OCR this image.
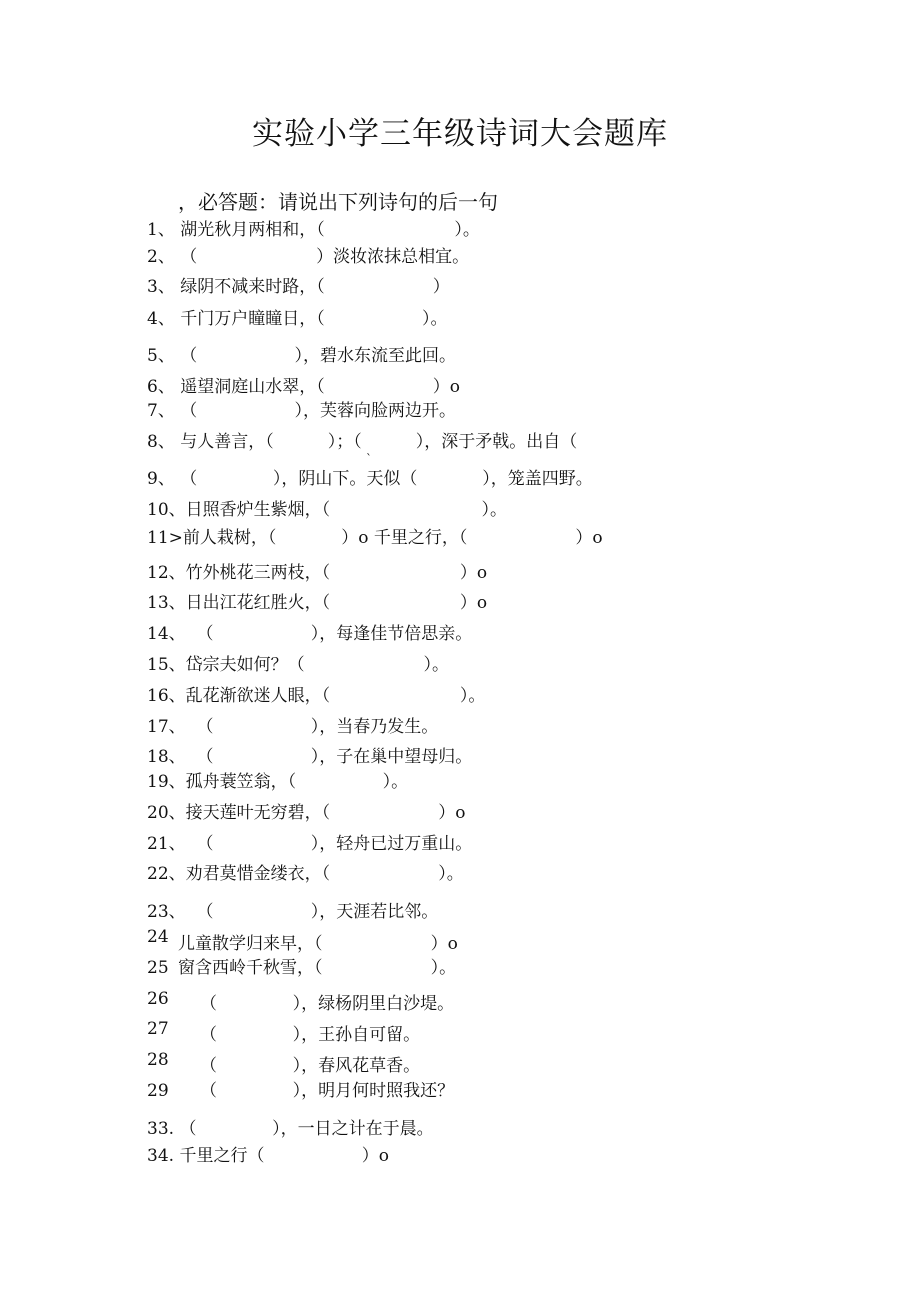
实验小学三年级诗词大会题库
，必答题：请说出下列诗句的后一句
1、 湖光秋月两相和，（                        ）。
2、 （                      ）淡妆浓抹总相宜。
3、 绿阴不减来时路，（                    ）
4、 千门万户瞳瞳日，（                  ）。
5、 （                  ），碧水东流至此回。
6、 遥望洞庭山水翠，（                    ）o
7、 （                  ），芙蓉向脸两边开。
8、 与人善言，（          ）；（          ），深于矛戟。出自（
`
9、 （              ），阴山下。天似（            ），笼盖四野。
10、日照香炉生紫烟，（                            ）。
11>前人栽树，（            ）o 千里之行，（                    ）o
12、竹外桃花三两枝，（                        ）o
13、日出江花红胜火，（                        ）o
14、  （                  ），每逢佳节倍思亲。
15、岱宗夫如何？（                      ）。
16、乱花渐欲迷人眼，（                        ）。
17、  （                  ），当春乃发生。
18、  （                  ），子在巢中望母归。
19、孤舟蓑笠翁，（                ）。
20、接天莲叶无穷碧，（                    ）o
21、  （                  ），轻舟已过万重山。
22、劝君莫惜金缕衣，（                    ）。
23、  （                  ），天涯若比邻。
24 儿童散学归来早，（                    ）o
25 窗含西岭千秋雪，（                    ）。
26 （              ），绿杨阴里白沙堤。
27 （              ），王孙自可留。
28 （              ），春风花草香。
29 （              ），明月何时照我还？
33. （              ），一日之计在于晨。
34. 千里之行（                  ）o
